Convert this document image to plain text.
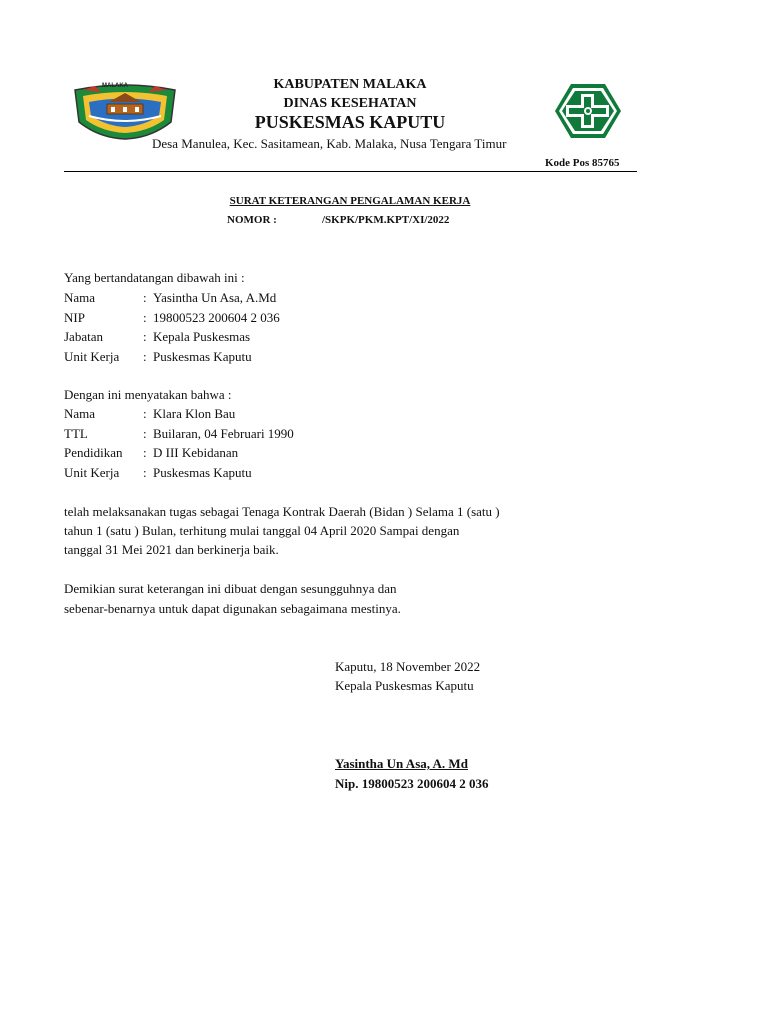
MALAKA	KABUPATEN MALAKA
DINAS KESEHATAN
PUSKESMAS KAPUTU
Desa Manulea, Kec. Sasitamean, Kab. Malaka, Nusa Tengara Timur
Kode Pos 85765
SURAT KETERANGAN PENGALAMAN KERJA
NOMOR :	/SKPK/PKM.KPT/XI/2022
Yang bertandatangan dibawah ini :
Nama	: Yasintha Un Asa, A.Md
NIP	: 19800523 200604 2 036
Jabatan	: Kepala Puskesmas
Unit Kerja : Puskesmas Kaputu
Dengan ini menyatakan bahwa :
Nama	: Klara Klon Bau
TTL	: Builaran, 04 Februari 1990
Pendidikan : D III Kebidanan
Unit Kerja : Puskesmas Kaputu
telah melaksanakan tugas sebagai Tenaga Kontrak Daerah (Bidan ) Selama 1 (satu )
tahun 1 (satu ) Bulan, terhitung mulai tanggal 04 April 2020 Sampai dengan
tanggal 31 Mei 2021 dan berkinerja baik.
Demikian surat keterangan ini dibuat dengan sesungguhnya dan
sebenar-benarnya untuk dapat digunakan sebagaimana mestinya.
Kaputu, 18 November 2022
Kepala Puskesmas Kaputu
Yasintha Un Asa, A. Md
Nip. 19800523 200604 2 036
